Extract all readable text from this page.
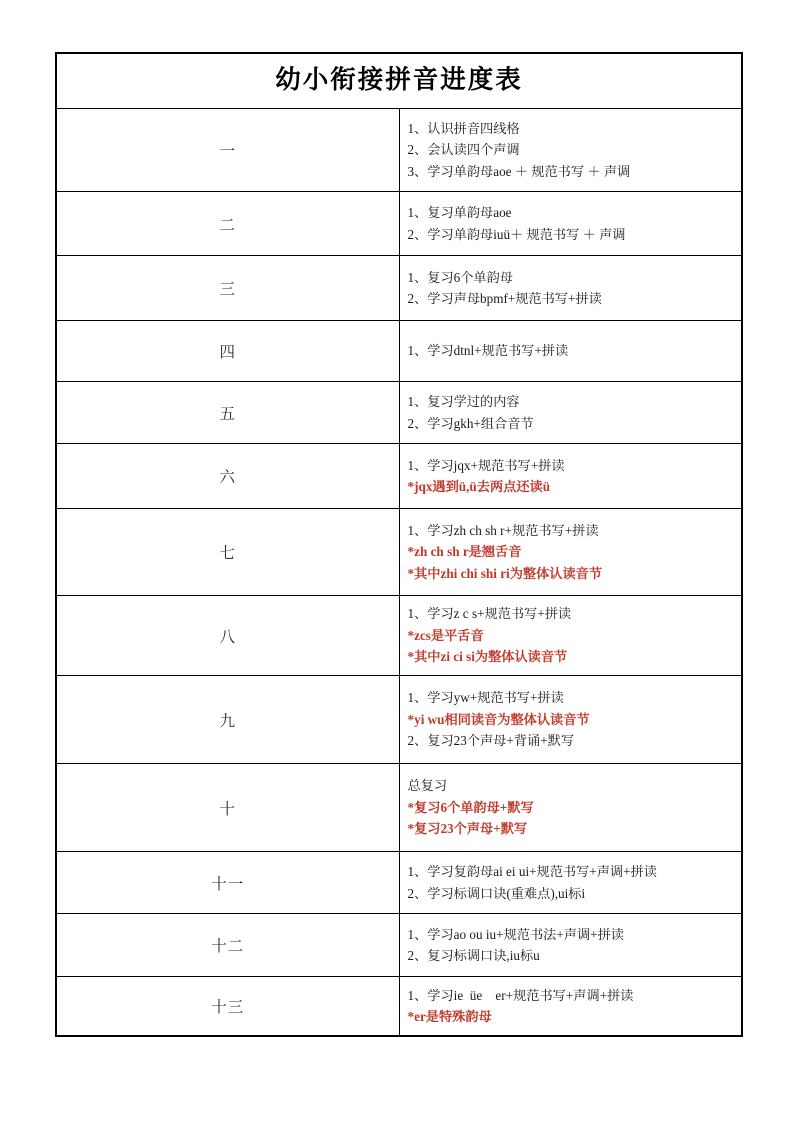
幼小衔接拼音进度表	
一	1、认识拼音四线格
2、会认读四个声调
3、学习单韵母aoe ＋ 规范书写 ＋ 声调

二	1、复习单韵母aoe
2、学习单韵母iuü＋ 规范书写 ＋ 声调

三	1、复习6个单韵母
2、学习声母bpmf+规范书写+拼读

四	1、学习dtnl+规范书写+拼读

五	1、复习学过的内容
2、学习gkh+组合音节

六	1、学习jqx+规范书写+拼读
*jqx遇到ü,ü去两点还读ü

七	1、学习zh ch sh r+规范书写+拼读
*zh ch sh r是翘舌音
*其中zhi chi shi ri为整体认读音节

八	1、学习z c s+规范书写+拼读
*zcs是平舌音
*其中zi ci si为整体认读音节

九	1、学习yw+规范书写+拼读
*yi wu相同读音为整体认读音节
2、复习23个声母+背诵+默写

十	总复习
*复习6个单韵母+默写
*复习23个声母+默写

十一	1、学习复韵母ai ei ui+规范书写+声调+拼读
2、学习标调口诀(重难点),ui标i

十二	1、学习ao ou iu+规范书法+声调+拼读
2、复习标调口诀,iu标u

十三	1、学习ie  üe    er+规范书写+声调+拼读
*er是特殊韵母
